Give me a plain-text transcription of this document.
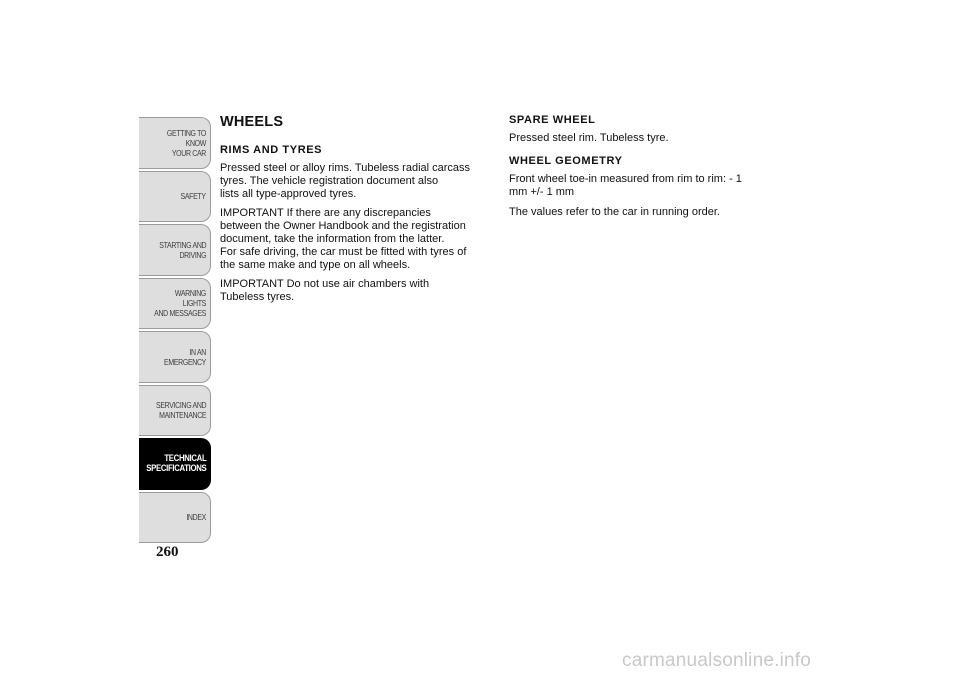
GETTING TO KNOW
YOUR CAR
SAFETY
STARTING AND
DRIVING
WARNING LIGHTS
AND MESSAGES
IN AN EMERGENCY
SERVICING AND
MAINTENANCE
TECHNICAL
SPECIFICATIONS
INDEX
260
WHEELS
RIMS AND TYRES
Pressed steel or alloy rims. Tubeless radial carcass
tyres. The vehicle registration document also
lists all type-approved tyres.
IMPORTANT If there are any discrepancies
between the Owner Handbook and the registration
document, take the information from the latter.
For safe driving, the car must be fitted with tyres of
the same make and type on all wheels.
IMPORTANT Do not use air chambers with
Tubeless tyres.
SPARE WHEEL
Pressed steel rim. Tubeless tyre.
WHEEL GEOMETRY
Front wheel toe-in measured from rim to rim: - 1
mm +/- 1 mm
The values refer to the car in running order.
carmanualsonline.info
